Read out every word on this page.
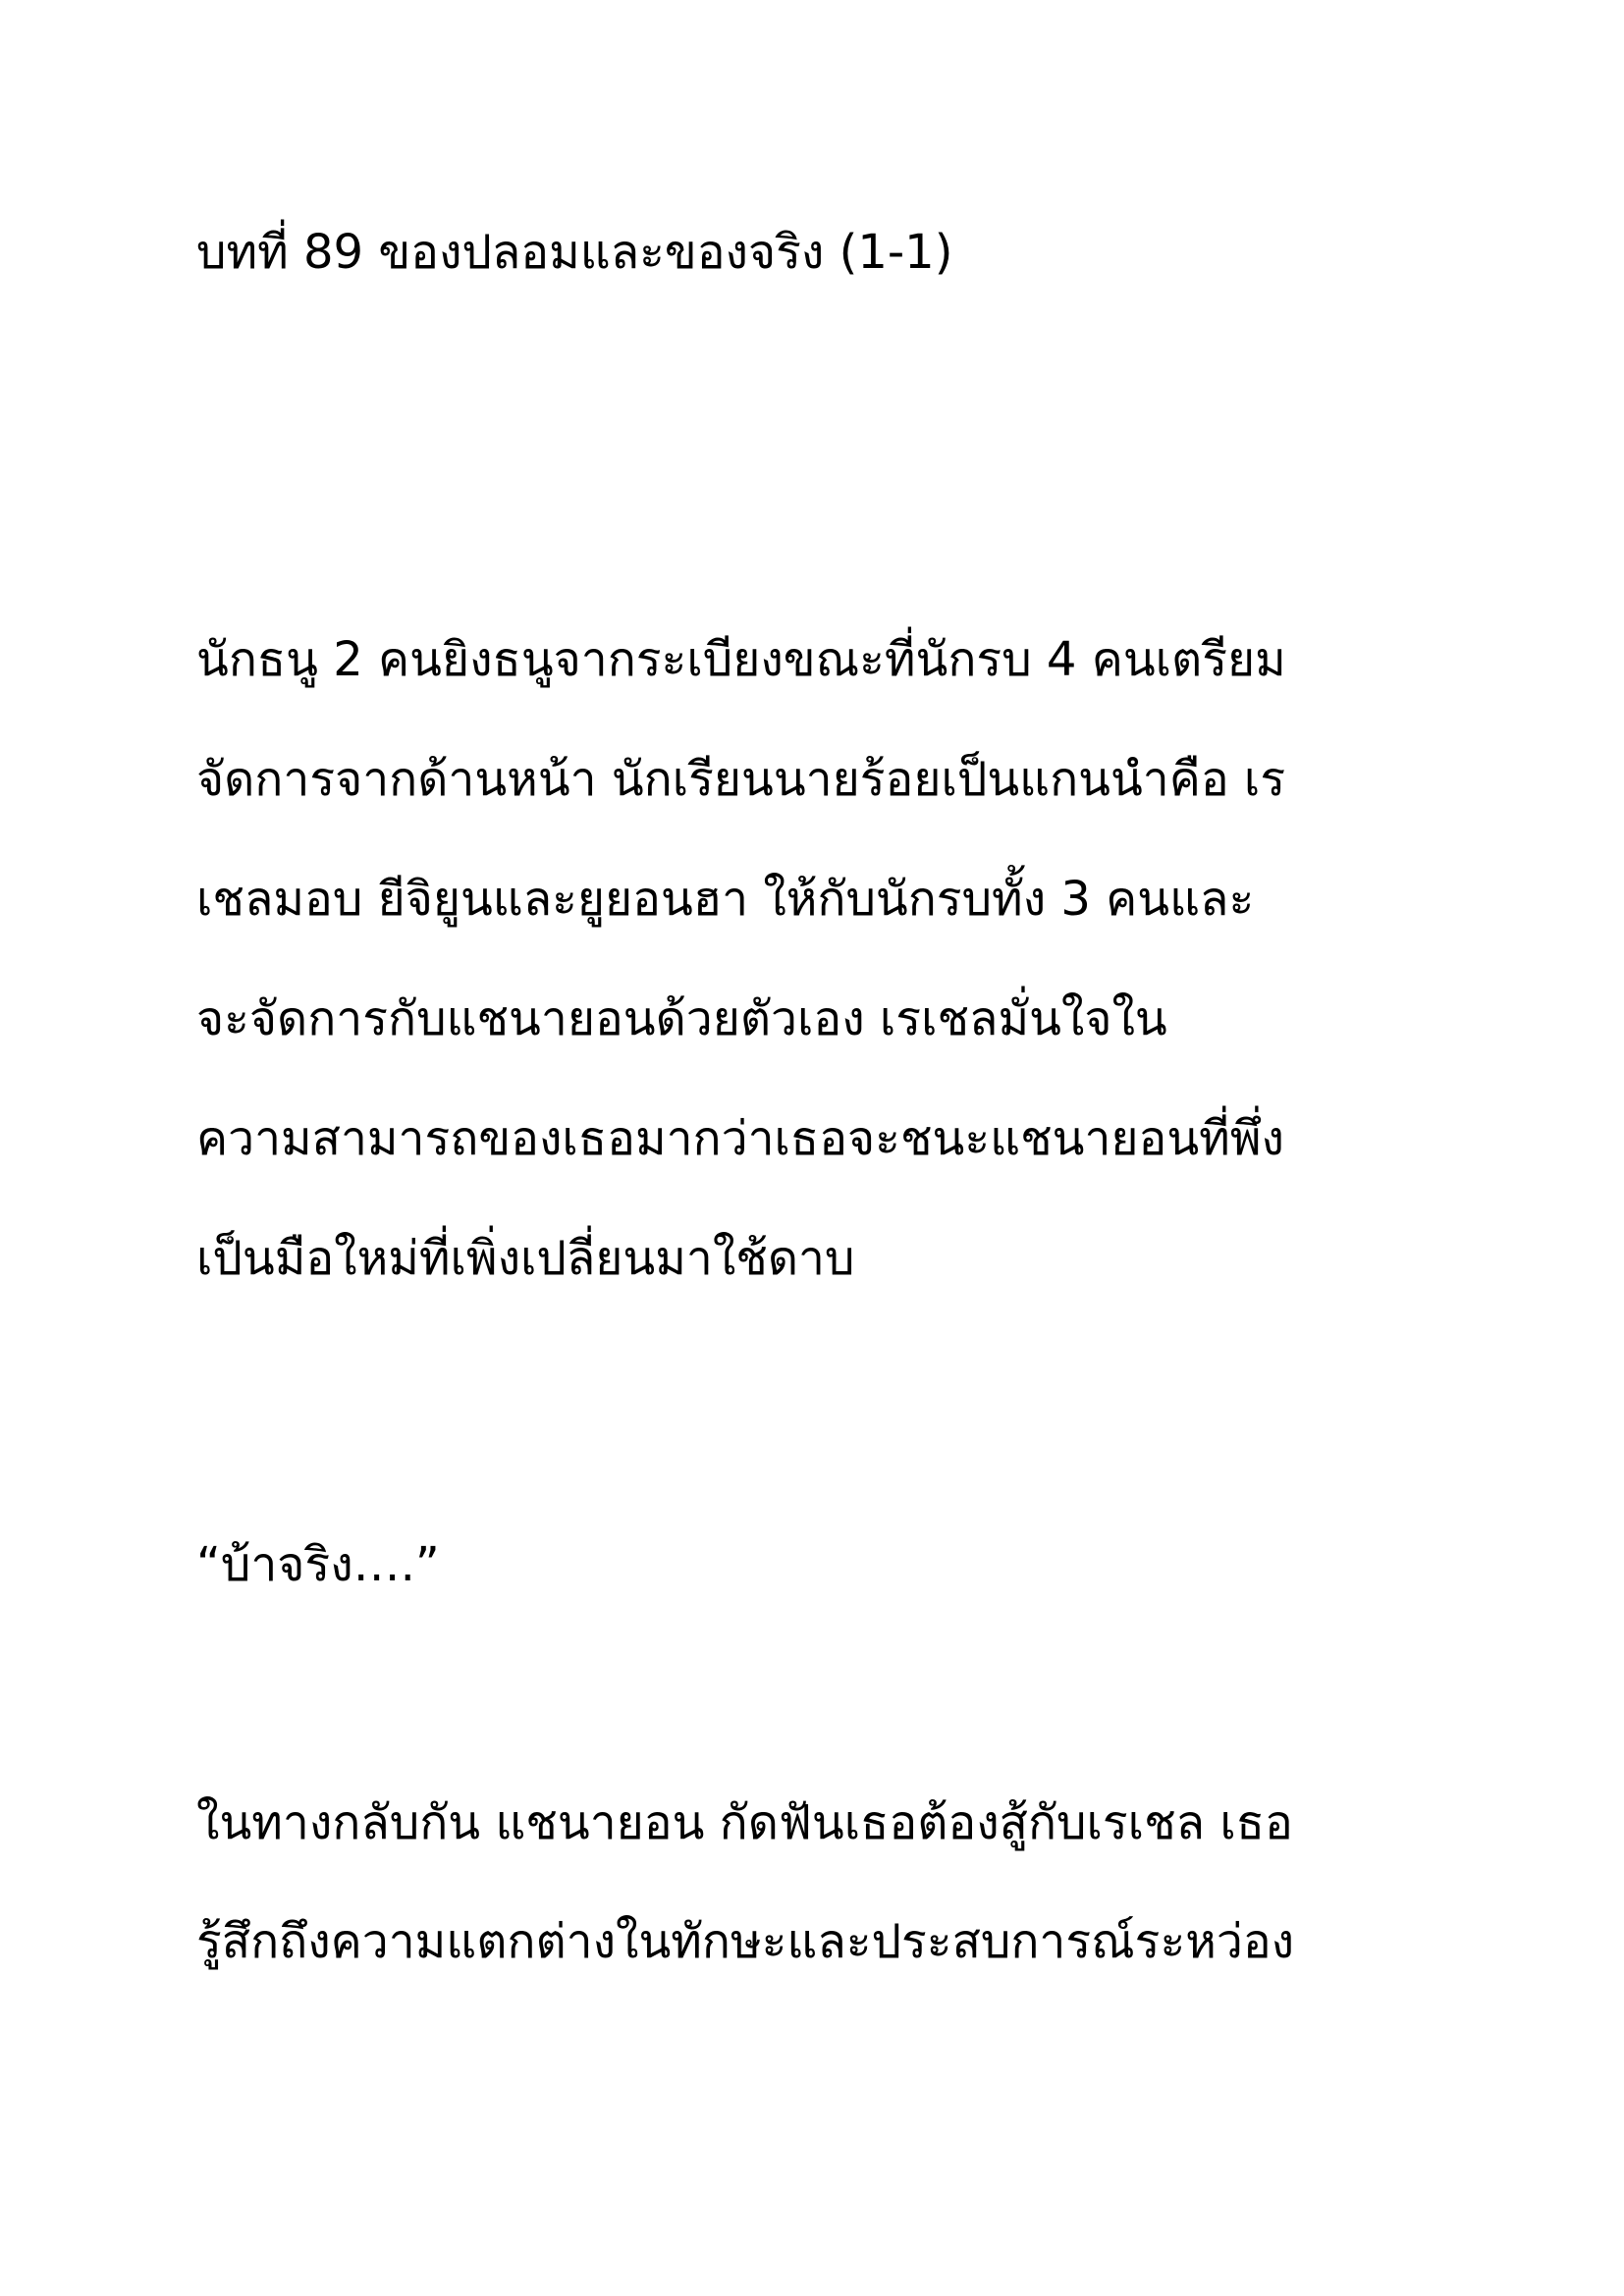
บทที่ 89 ของปลอมและของจริง (1-1)
นักธนู 2 คนยิงธนูจากระเบียงขณะที่นักรบ 4 คนเตรียม
จัดการจากด้านหน้า นักเรียนนายร้อยเป็นแกนนำคือ เร
เชลมอบ ยีจิยูนและยูยอนฮา ให้กับนักรบทั้ง 3 คนและ
จะจัดการกับแชนายอนด้วยตัวเอง เรเชลมั่นใจใน
ความสามารถของเธอมากว่าเธอจะชนะแชนายอนที่พึ่ง
เป็นมือใหม่ที่เพิ่งเปลี่ยนมาใช้ดาบ
“บ้าจริง….”
ในทางกลับกัน แชนายอน กัดฟันเธอต้องสู้กับเรเชล เธอ
รู้สึกถึงความแตกต่างในทักษะและประสบการณ์ระหว่อง
